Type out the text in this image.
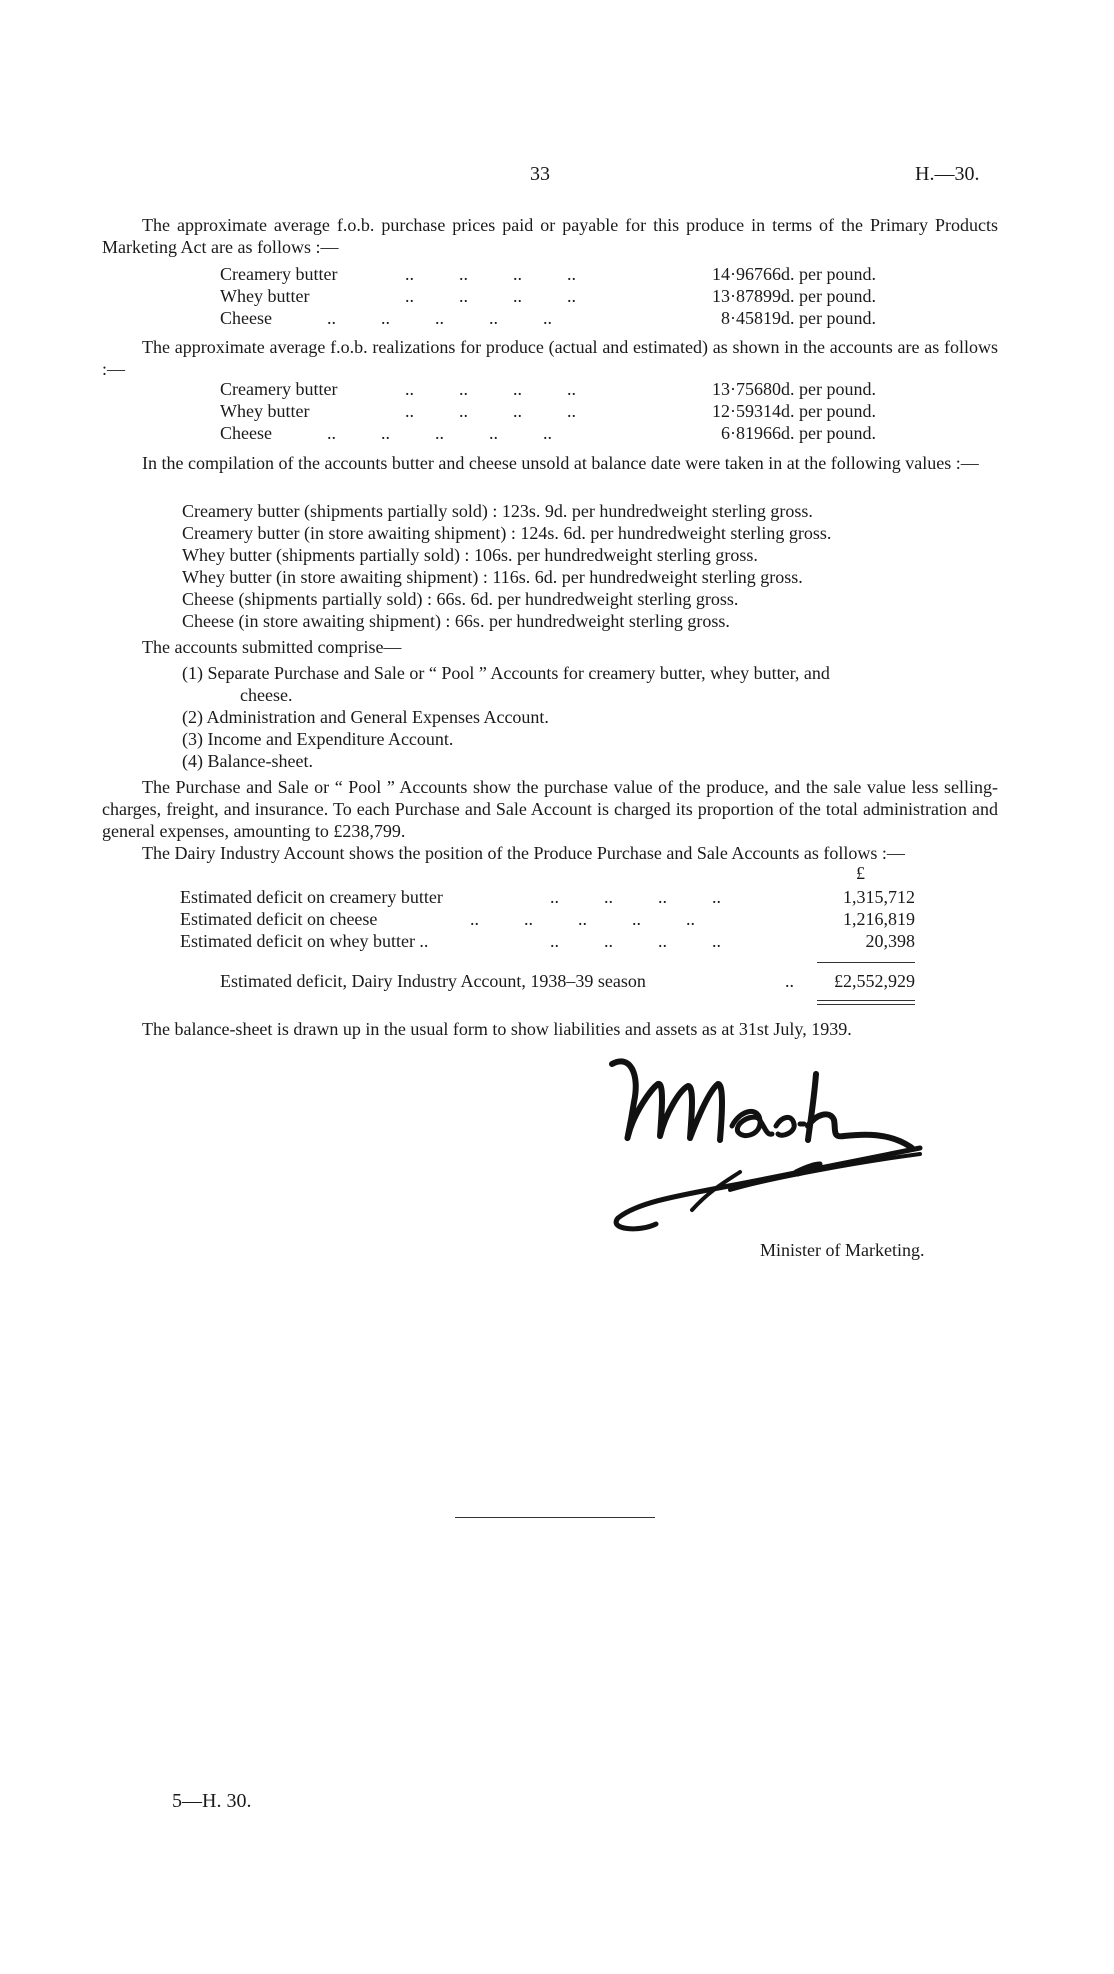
33	H.—30.
The approximate average f.o.b. purchase prices paid or payable for this produce in terms of the Primary Products Marketing Act are as follows :—
Creamery butter	..          ..          ..          ..	14·96766d. per pound.
Whey butter	..          ..          ..          ..	13·87899d. per pound.
Cheese	..          ..          ..          ..          ..	8·45819d. per pound.
The approximate average f.o.b. realizations for produce (actual and estimated) as shown in the accounts are as follows :—
Creamery butter	..          ..          ..          ..	13·75680d. per pound.
Whey butter	..          ..          ..          ..	12·59314d. per pound.
Cheese	..          ..          ..          ..          ..	6·81966d. per pound.
In the compilation of the accounts butter and cheese unsold at balance date were taken in at the following values :—
Creamery butter (shipments partially sold) : 123s. 9d. per hundredweight sterling gross.
Creamery butter (in store awaiting shipment) : 124s. 6d. per hundredweight sterling gross.
Whey butter (shipments partially sold) : 106s. per hundredweight sterling gross.
Whey butter (in store awaiting shipment) : 116s. 6d. per hundredweight sterling gross.
Cheese (shipments partially sold) : 66s. 6d. per hundredweight sterling gross.
Cheese (in store awaiting shipment) : 66s. per hundredweight sterling gross.
The accounts submitted comprise—
(1) Separate Purchase and Sale or “ Pool ” Accounts for creamery butter, whey butter, and
cheese.
(2) Administration and General Expenses Account.
(3) Income and Expenditure Account.
(4) Balance-sheet.
The Purchase and Sale or “ Pool ” Accounts show the purchase value of the produce, and the sale value less selling-charges, freight, and insurance. To each Purchase and Sale Account is charged its proportion of the total administration and general expenses, amounting to £238,799.
The Dairy Industry Account shows the position of the Produce Purchase and Sale Accounts as follows :—
£
Estimated deficit on creamery butter	..          ..          ..          ..	1,315,712
Estimated deficit on cheese	..          ..          ..          ..          ..	1,216,819
Estimated deficit on whey butter ..	..          ..          ..          ..	20,398
Estimated deficit, Dairy Industry Account, 1938–39 season	.. £2,552,929
The balance-sheet is drawn up in the usual form to show liabilities and assets as at 31st July, 1939.
Minister of Marketing.
5—H. 30.
